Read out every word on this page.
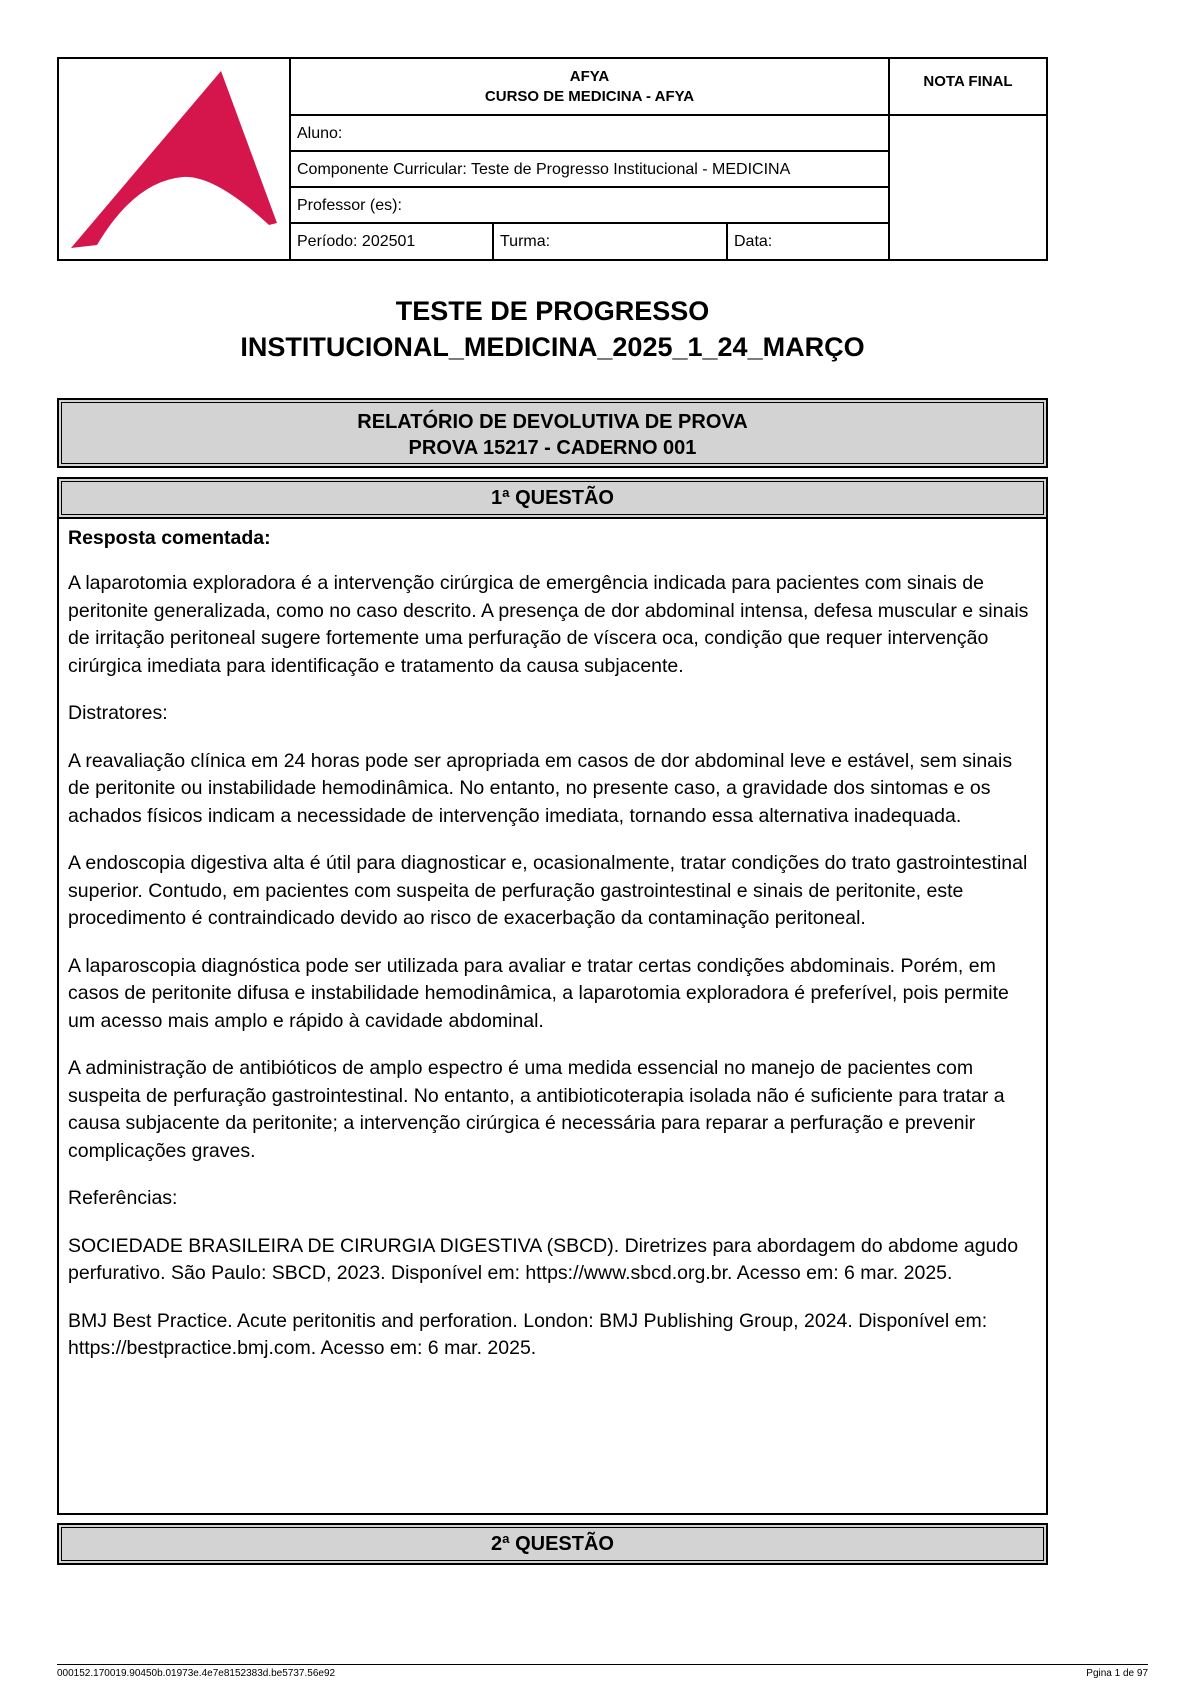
AFYA
CURSO DE MEDICINA - AFYA
NOTA FINAL
Aluno:
Componente Curricular: Teste de Progresso Institucional - MEDICINA
Professor (es):
Período: 202501	Turma:	Data:
TESTE DE PROGRESSO
INSTITUCIONAL_MEDICINA_2025_1_24_MARÇO
RELATÓRIO DE DEVOLUTIVA DE PROVA
PROVA 15217 - CADERNO 001
1ª QUESTÃO
Resposta comentada:

A laparotomia exploradora é a intervenção cirúrgica de emergência indicada para pacientes com sinais de peritonite generalizada, como no caso descrito. A presença de dor abdominal intensa, defesa muscular e sinais de irritação peritoneal sugere fortemente uma perfuração de víscera oca, condição que requer intervenção cirúrgica imediata para identificação e tratamento da causa subjacente.

Distratores:

A reavaliação clínica em 24 horas pode ser apropriada em casos de dor abdominal leve e estável, sem sinais de peritonite ou instabilidade hemodinâmica. No entanto, no presente caso, a gravidade dos sintomas e os achados físicos indicam a necessidade de intervenção imediata, tornando essa alternativa inadequada.

A endoscopia digestiva alta é útil para diagnosticar e, ocasionalmente, tratar condições do trato gastrointestinal superior. Contudo, em pacientes com suspeita de perfuração gastrointestinal e sinais de peritonite, este procedimento é contraindicado devido ao risco de exacerbação da contaminação peritoneal.

A laparoscopia diagnóstica pode ser utilizada para avaliar e tratar certas condições abdominais. Porém, em casos de peritonite difusa e instabilidade hemodinâmica, a laparotomia exploradora é preferível, pois permite um acesso mais amplo e rápido à cavidade abdominal.

A administração de antibióticos de amplo espectro é uma medida essencial no manejo de pacientes com suspeita de perfuração gastrointestinal. No entanto, a antibioticoterapia isolada não é suficiente para tratar a causa subjacente da peritonite; a intervenção cirúrgica é necessária para reparar a perfuração e prevenir complicações graves.

Referências:

SOCIEDADE BRASILEIRA DE CIRURGIA DIGESTIVA (SBCD). Diretrizes para abordagem do abdome agudo perfurativo. São Paulo: SBCD, 2023. Disponível em: https://www.sbcd.org.br. Acesso em: 6 mar. 2025.

BMJ Best Practice. Acute peritonitis and perforation. London: BMJ Publishing Group, 2024. Disponível em: https://bestpractice.bmj.com. Acesso em: 6 mar. 2025.

2ª QUESTÃO
000152.170019.90450b.01973e.4e7e8152383d.be5737.56e92	Pgina 1 de 97
